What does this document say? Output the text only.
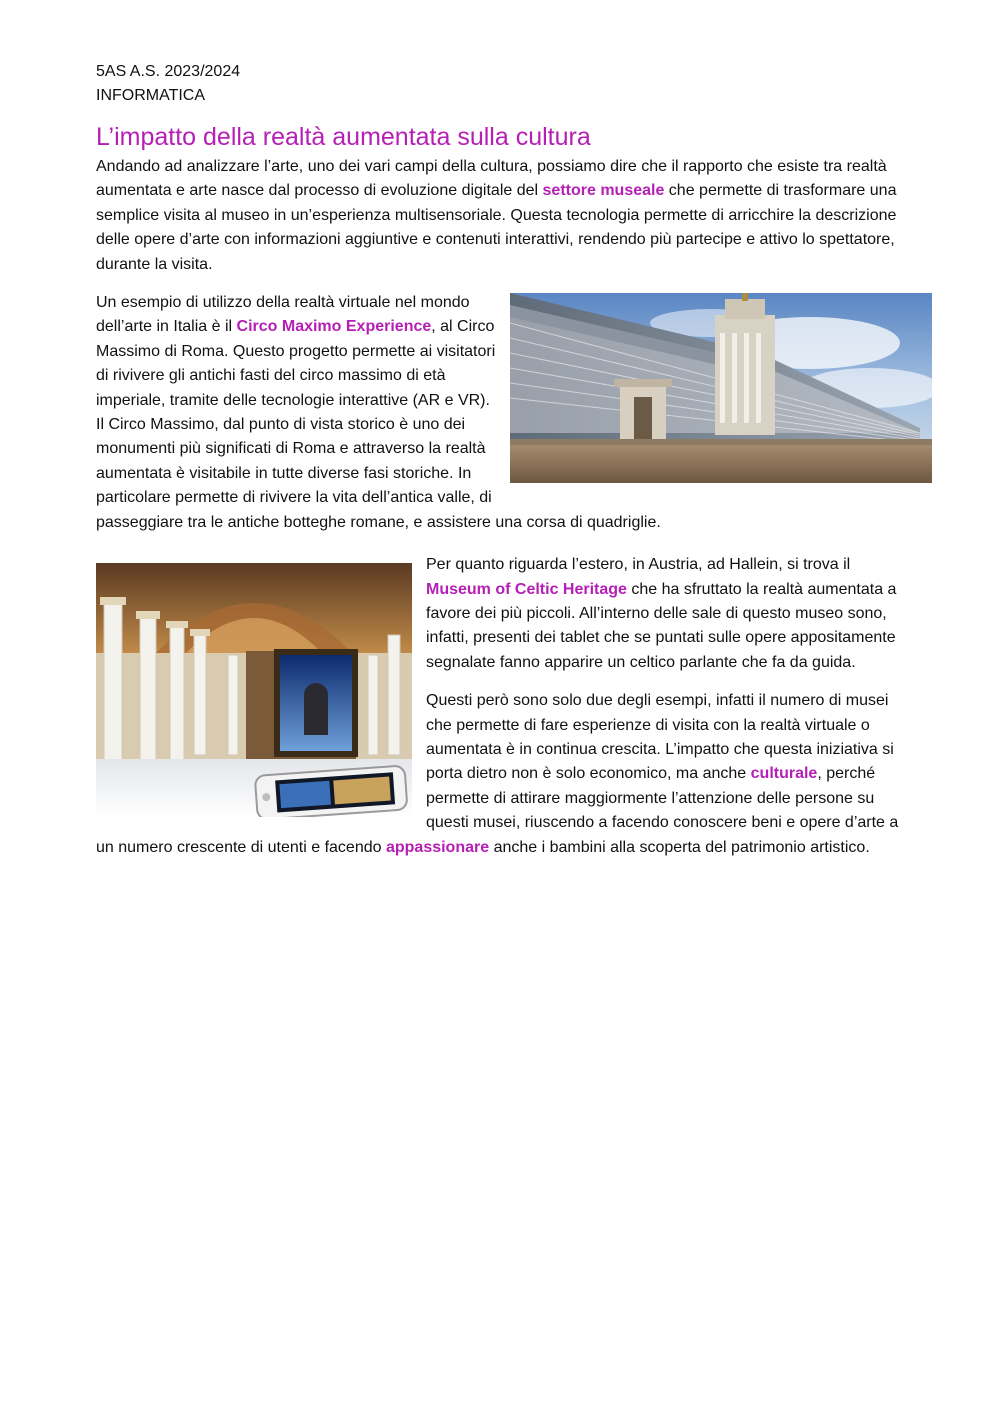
5AS A.S. 2023/2024
INFORMATICA
L’impatto della realtà aumentata sulla cultura

Andando ad analizzare l’arte, uno dei vari campi della cultura, possiamo dire che il rapporto che esiste tra realtà aumentata e arte nasce dal processo di evoluzione digitale del settore museale che permette di trasformare una semplice visita al museo in un’esperienza multisensoriale. Questa tecnologia permette di arricchire la descrizione delle opere d’arte con informazioni aggiuntive e contenuti interattivi, rendendo più partecipe e attivo lo spettatore, durante la visita.

Un esempio di utilizzo della realtà virtuale nel mondo dell’arte in Italia è il Circo Maximo Experience, al Circo Massimo di Roma. Questo progetto permette ai visitatori di rivivere gli antichi fasti del circo massimo di età imperiale, tramite delle tecnologie interattive (AR e VR). Il Circo Massimo, dal punto di vista storico è uno dei monumenti più significati di Roma e attraverso la realtà aumentata è visitabile in tutte diverse fasi storiche. In particolare permette di rivivere la vita dell’antica valle, di passeggiare tra le antiche botteghe romane, e assistere una corsa di quadriglie.

Per quanto riguarda l’estero, in Austria, ad Hallein, si trova il Museum of Celtic Heritage che ha sfruttato la realtà aumentata a favore dei più piccoli. All’interno delle sale di questo museo sono, infatti, presenti dei tablet che se puntati sulle opere appositamente segnalate fanno apparire un celtico parlante che fa da guida.

Questi però sono solo due degli esempi, infatti il numero di musei che permette di fare esperienze di visita con la realtà virtuale o aumentata è in continua crescita. L’impatto che questa iniziativa si porta dietro non è solo economico, ma anche culturale, perché permette di attirare maggiormente l’attenzione delle persone su questi musei, riuscendo a facendo conoscere beni e opere d’arte a un numero crescente di utenti e facendo appassionare anche i bambini alla scoperta del patrimonio artistico.
